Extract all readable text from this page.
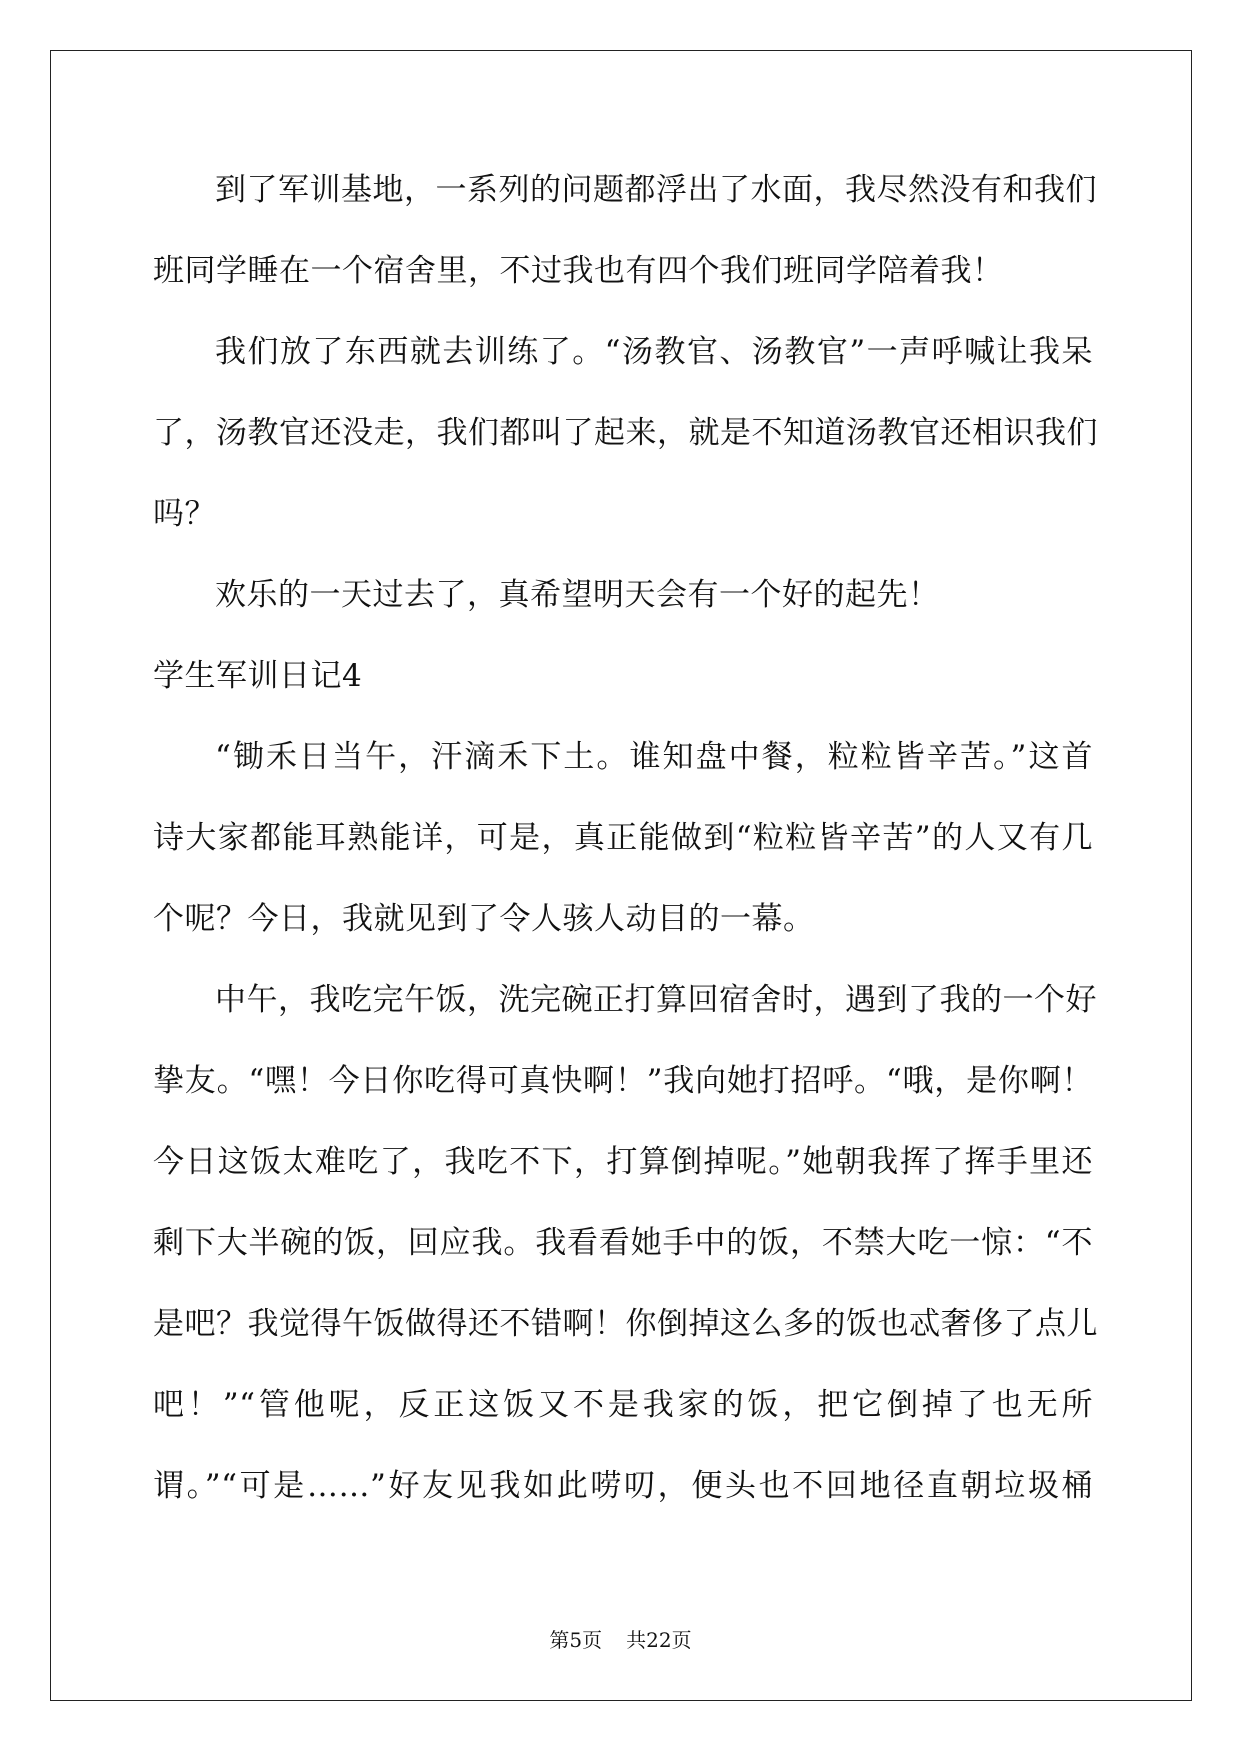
到了军训基地，一系列的问题都浮出了水面，我尽然没有和我们
班同学睡在一个宿舍里，不过我也有四个我们班同学陪着我！
我们放了东西就去训练了。“汤教官、汤教官”一声呼喊让我呆
了，汤教官还没走，我们都叫了起来，就是不知道汤教官还相识我们
吗？
欢乐的一天过去了，真希望明天会有一个好的起先！
学生军训日记4
“锄禾日当午，汗滴禾下土。谁知盘中餐，粒粒皆辛苦。”这首
诗大家都能耳熟能详，可是，真正能做到“粒粒皆辛苦”的人又有几
个呢？今日，我就见到了令人骇人动目的一幕。
中午，我吃完午饭，洗完碗正打算回宿舍时，遇到了我的一个好
挚友。“嘿！今日你吃得可真快啊！”我向她打招呼。“哦，是你啊！
今日这饭太难吃了，我吃不下，打算倒掉呢。”她朝我挥了挥手里还
剩下大半碗的饭，回应我。我看看她手中的饭，不禁大吃一惊：“不
是吧？我觉得午饭做得还不错啊！你倒掉这么多的饭也忒奢侈了点儿
吧！”“管他呢，反正这饭又不是我家的饭，把它倒掉了也无所
谓。”“可是……”好友见我如此唠叨，便头也不回地径直朝垃圾桶
第5页 共22页
